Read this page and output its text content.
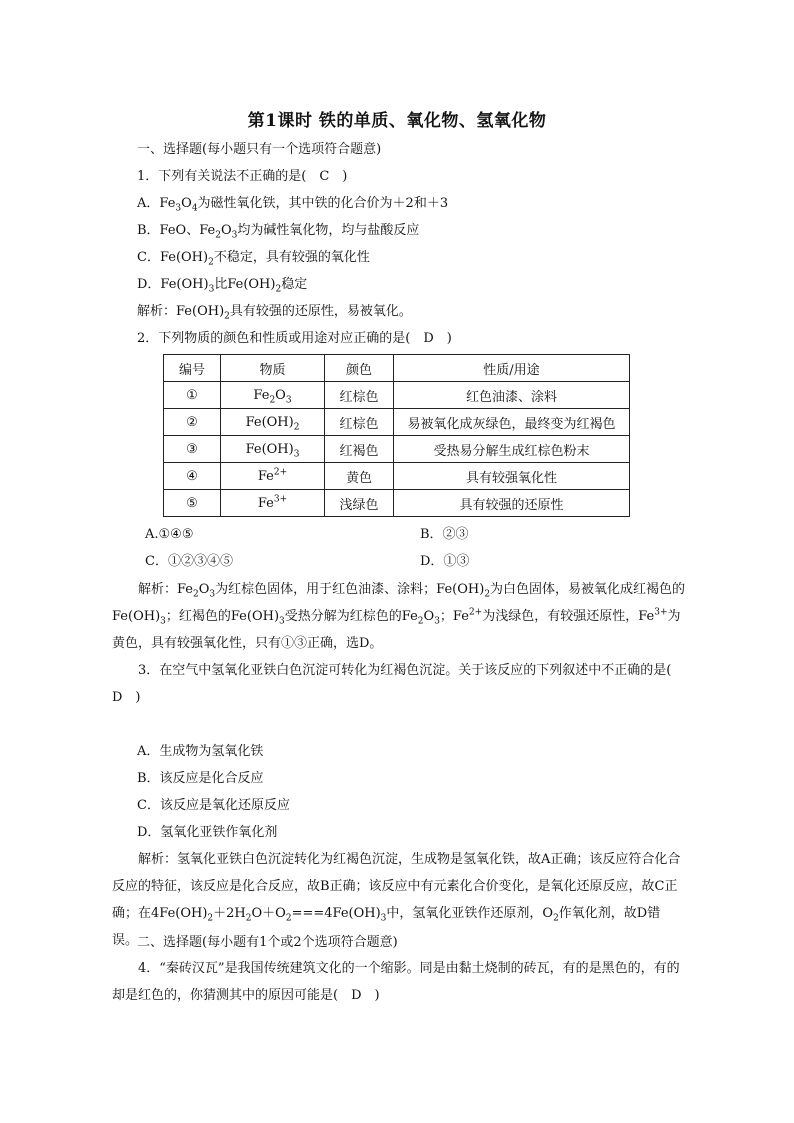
第1课时 铁的单质、氧化物、氢氧化物
一、选择题(每小题只有一个选项符合题意)
1．下列有关说法不正确的是(　C　)
A．$Fe_3O_4$为磁性氧化铁，其中铁的化合价为＋2和＋3
B．FeO、$Fe_2O_3$均为碱性氧化物，均与盐酸反应
C．$Fe(OH)_2$不稳定，具有较强的氧化性
D．$Fe(OH)_3$比$Fe(OH)_2$稳定
解析：$Fe(OH)_2$具有较强的还原性，易被氧化。
2．下列物质的颜色和性质或用途对应正确的是(　D　)
编号	物质	颜色	性质/用途
①	$Fe_2O_3$	红棕色	红色油漆、涂料
②	$Fe(OH)_2$	红棕色	易被氧化成灰绿色，最终变为红褐色
③	$Fe(OH)_3$	红褐色	受热易分解生成红棕色粉末
④	$Fe^{2+}$	黄色	具有较强氧化性
⑤	$Fe^{3+}$	浅绿色	具有较强的还原性
A.①④⑤	B．②③
C．①②③④⑤	D．①③
解析：$Fe_2O_3$为红棕色固体，用于红色油漆、涂料；$Fe(OH)_2$为白色固体，易被氧化成红褐色的$Fe(OH)_3$；红褐色的$Fe(OH)_3$受热分解为红棕色的$Fe_2O_3$；$Fe^{2+}$为浅绿色，有较强还原性，$Fe^{3+}$为黄色，具有较强氧化性，只有①③正确，选D。
3．在空气中氢氧化亚铁白色沉淀可转化为红褐色沉淀。关于该反应的下列叙述中不正确的是(　D　)
A．生成物为氢氧化铁
B．该反应是化合反应
C．该反应是氧化还原反应
D．氢氧化亚铁作氧化剂
解析：氢氧化亚铁白色沉淀转化为红褐色沉淀，生成物是氢氧化铁，故A正确；该反应符合化合反应的特征，该反应是化合反应，故B正确；该反应中有元素化合价变化，是氧化还原反应，故C正确；在$4Fe(OH)_2+2H_2O+O_2===4Fe(OH)_3$中，氢氧化亚铁作还原剂，$O_2$作氧化剂，故D错误。
二、选择题(每小题有1个或2个选项符合题意)
4．“秦砖汉瓦”是我国传统建筑文化的一个缩影。同是由黏土烧制的砖瓦，有的是黑色的，有的却是红色的，你猜测其中的原因可能是(　D　)
